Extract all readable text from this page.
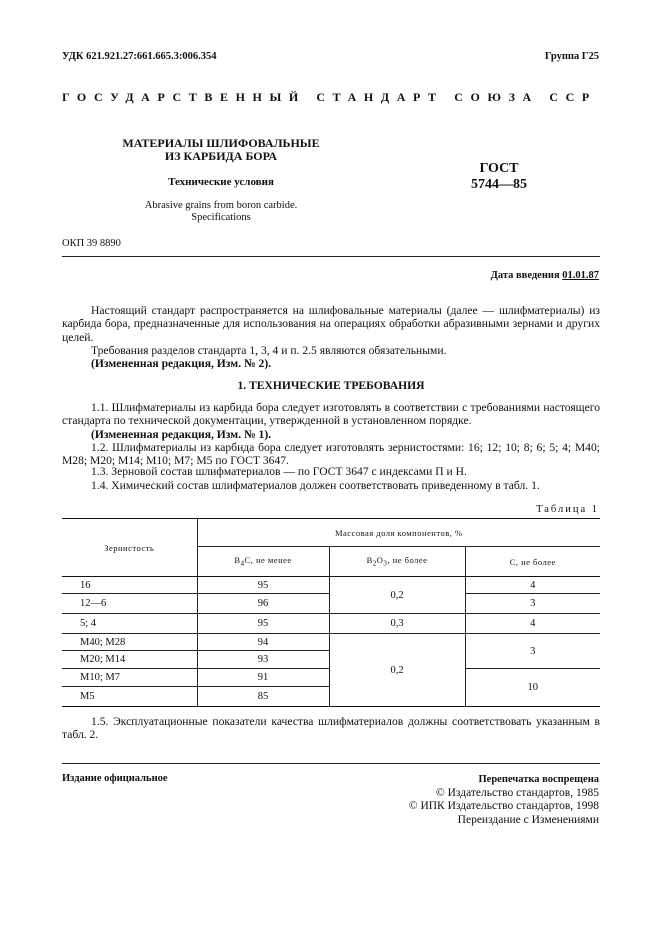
УДК 621.921.27:661.665.3:006.354	Группа Г25
ГОСУДАРСТВЕННЫЙ СТАНДАРТ СОЮЗА ССР
МАТЕРИАЛЫ ШЛИФОВАЛЬНЫЕ
ИЗ КАРБИДА БОРА
Технические условия
Abrasive grains from boron carbide.
Specifications
ГОСТ
5744—85
ОКП 39 8890
Дата введения 01.01.87
Настоящий стандарт распространяется на шлифовальные материалы (далее — шлифматериалы) из карбида бора, предназначенные для использования на операциях обработки абразивными зернами и других целей.
Требования разделов стандарта 1, 3, 4 и п. 2.5 являются обязательными.
(Измененная редакция, Изм. № 2).
1. ТЕХНИЧЕСКИЕ ТРЕБОВАНИЯ
1.1. Шлифматериалы из карбида бора следует изготовлять в соответствии с требованиями настоящего стандарта по технической документации, утвержденной в установленном порядке.
(Измененная редакция, Изм. № 1).
1.2. Шлифматериалы из карбида бора следует изготовлять зернистостями: 16; 12; 10; 8; 6; 5; 4; М40; М28; М20; М14; М10; М7; М5 по ГОСТ 3647.
1.3. Зерновой состав шлифматериалов — по ГОСТ 3647 с индексами П и Н.
1.4. Химический состав шлифматериалов должен соответствовать приведенному в табл. 1.
Таблица 1
Зернистость	Массовая доля компонентов, %		
	$B_4C$, не менее	$B_2O_3$, не более	C, не более
16	95	0,2	4
12—6	96		3
5; 4	95	0,3	4
М40; М28	94	0,2	3
М20; М14	93		
М10; М7	91		10
М5	85		
1.5. Эксплуатационные показатели качества шлифматериалов должны соответствовать указанным в табл. 2.
Издание официальное	Перепечатка воспрещена
© Издательство стандартов, 1985
© ИПК Издательство стандартов, 1998
Переиздание с Изменениями
